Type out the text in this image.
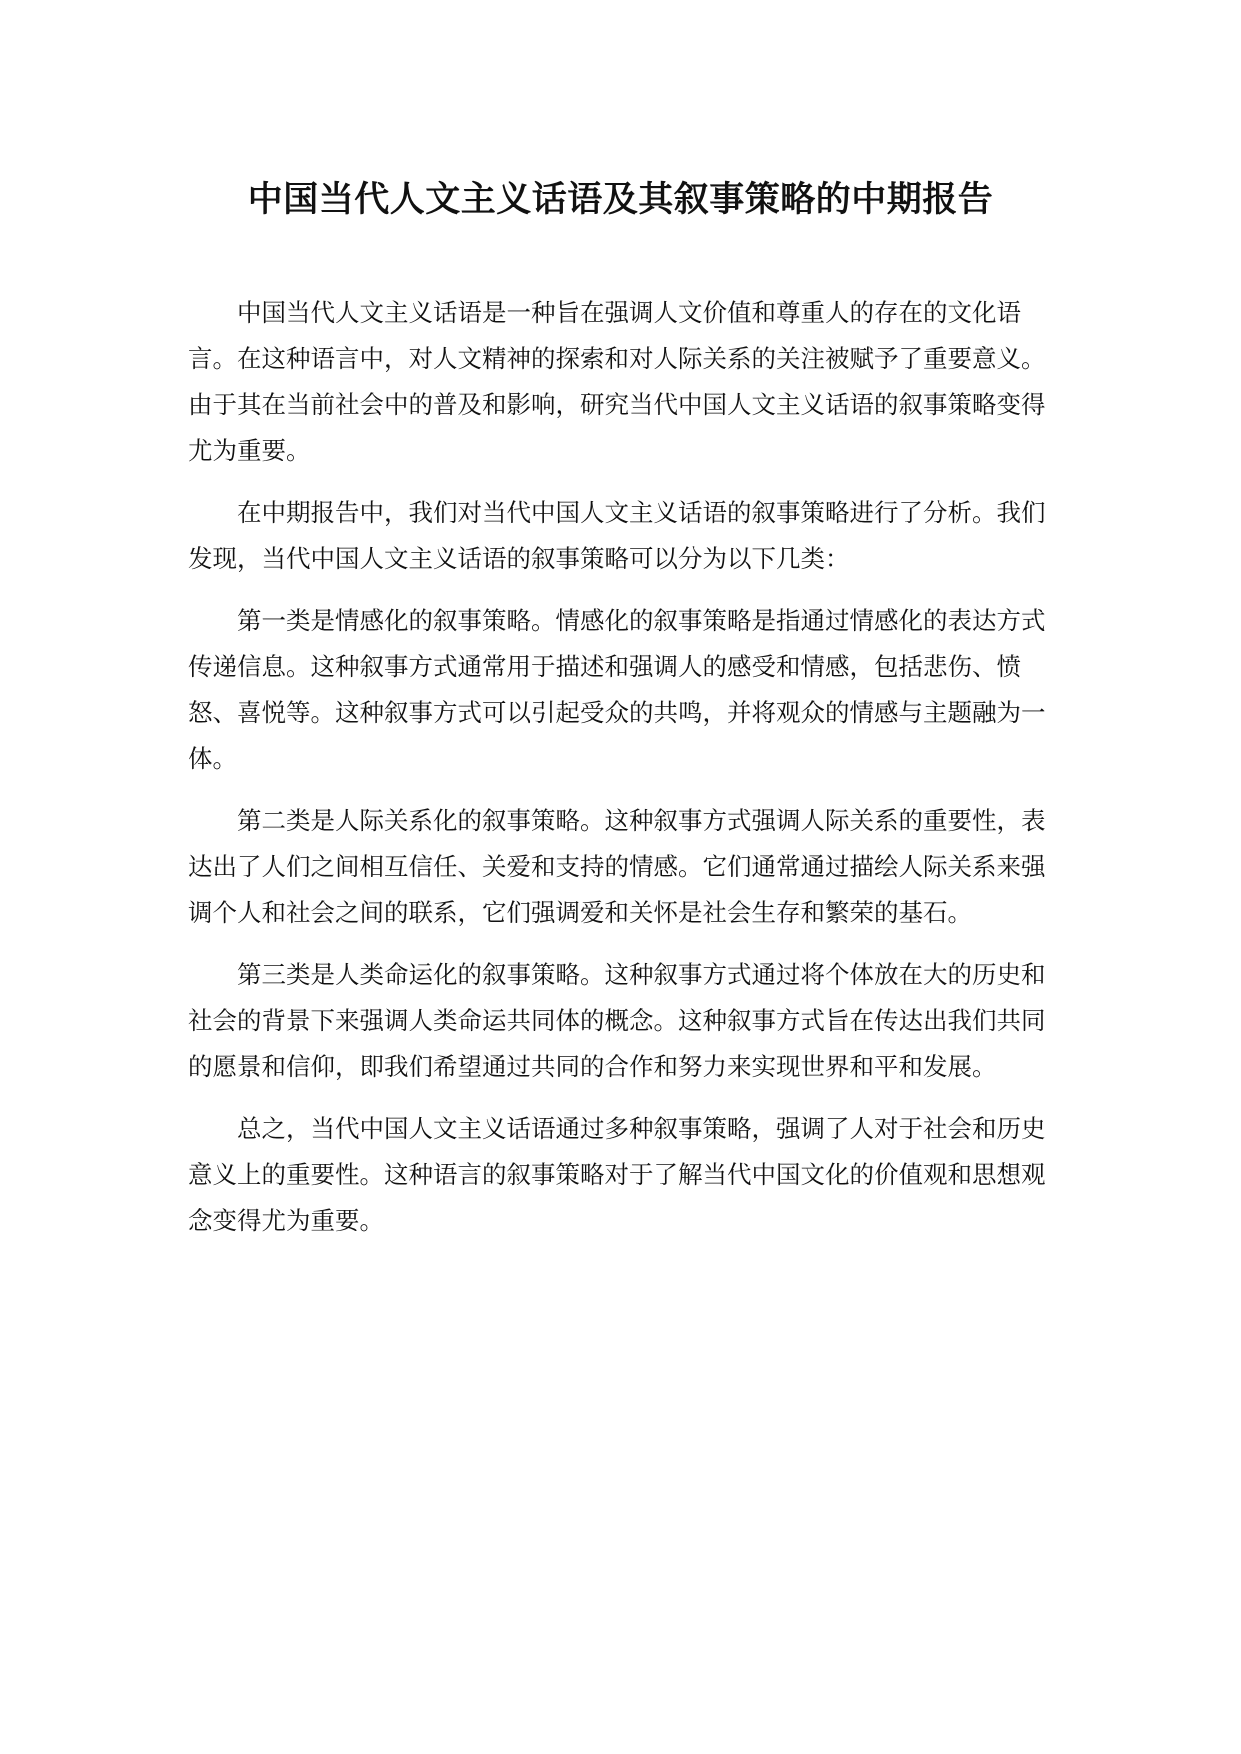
中国当代人文主义话语及其叙事策略的中期报告

中国当代人文主义话语是一种旨在强调人文价值和尊重人的存在的文化语言。在这种语言中，对人文精神的探索和对人际关系的关注被赋予了重要意义。由于其在当前社会中的普及和影响，研究当代中国人文主义话语的叙事策略变得尤为重要。

在中期报告中，我们对当代中国人文主义话语的叙事策略进行了分析。我们发现，当代中国人文主义话语的叙事策略可以分为以下几类：

第一类是情感化的叙事策略。情感化的叙事策略是指通过情感化的表达方式传递信息。这种叙事方式通常用于描述和强调人的感受和情感，包括悲伤、愤怒、喜悦等。这种叙事方式可以引起受众的共鸣，并将观众的情感与主题融为一体。

第二类是人际关系化的叙事策略。这种叙事方式强调人际关系的重要性，表达出了人们之间相互信任、关爱和支持的情感。它们通常通过描绘人际关系来强调个人和社会之间的联系，它们强调爱和关怀是社会生存和繁荣的基石。

第三类是人类命运化的叙事策略。这种叙事方式通过将个体放在大的历史和社会的背景下来强调人类命运共同体的概念。这种叙事方式旨在传达出我们共同的愿景和信仰，即我们希望通过共同的合作和努力来实现世界和平和发展。

总之，当代中国人文主义话语通过多种叙事策略，强调了人对于社会和历史意义上的重要性。这种语言的叙事策略对于了解当代中国文化的价值观和思想观念变得尤为重要。
